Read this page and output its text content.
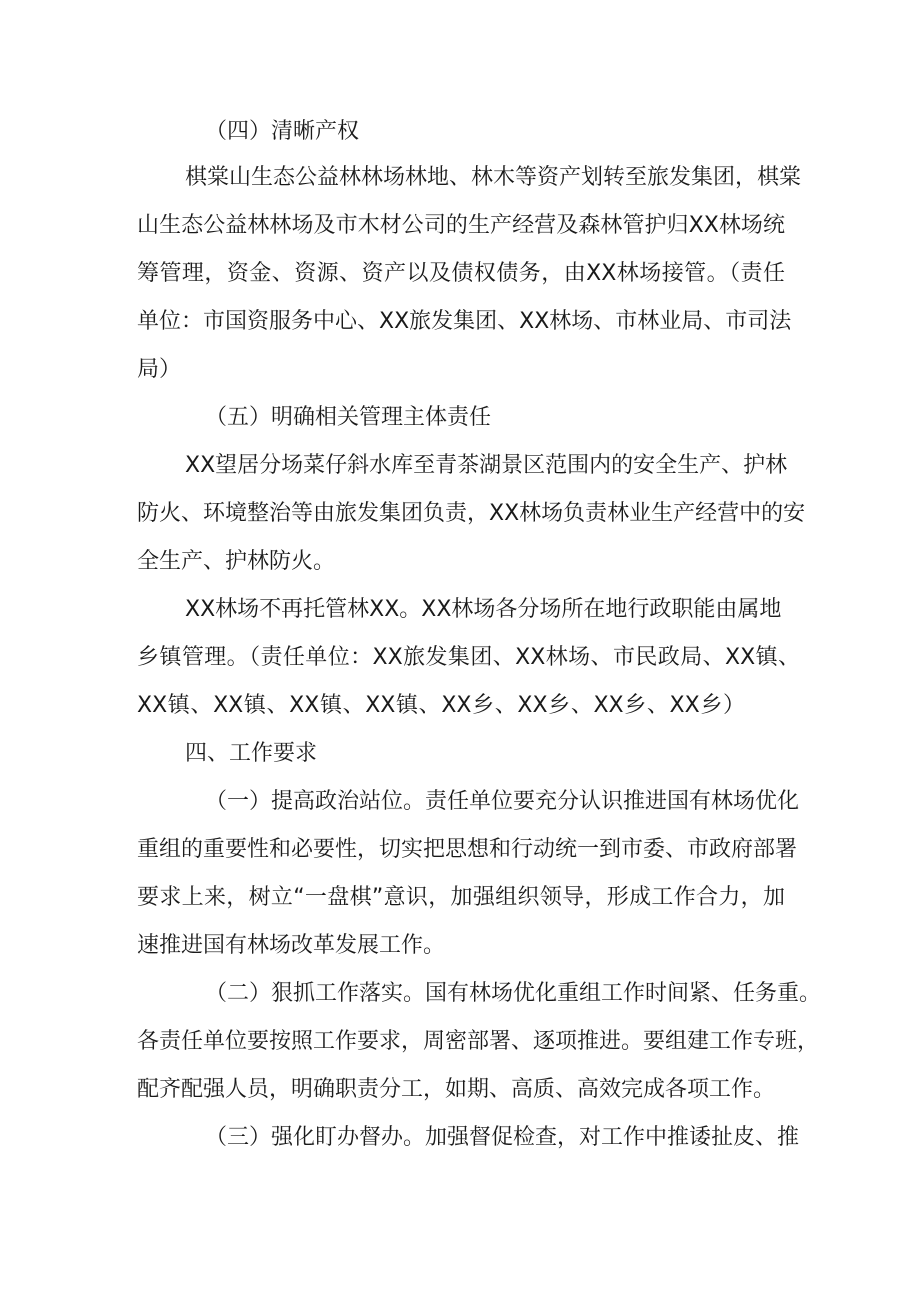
（四）清晰产权

棋棠山生态公益林林场林地、林木等资产划转至旅发集团，棋棠

山生态公益林林场及市木材公司的生产经营及森林管护归XX林场统

筹管理，资金、资源、资产以及债权债务，由XX林场接管。（责任

单位：市国资服务中心、XX旅发集团、XX林场、市林业局、市司法

局）

（五）明确相关管理主体责任

XX望居分场菜仔斜水库至青茶湖景区范围内的安全生产、护林

防火、环境整治等由旅发集团负责，XX林场负责林业生产经营中的安

全生产、护林防火。

XX林场不再托管林XX。XX林场各分场所在地行政职能由属地

乡镇管理。（责任单位：XX旅发集团、XX林场、市民政局、XX镇、

XX镇、XX镇、XX镇、XX镇、XX乡、XX乡、XX乡、XX乡）

四、工作要求

（一）提高政治站位。责任单位要充分认识推进国有林场优化

重组的重要性和必要性，切实把思想和行动统一到市委、市政府部署

要求上来，树立“一盘棋”意识，加强组织领导，形成工作合力，加

速推进国有林场改革发展工作。

（二）狠抓工作落实。国有林场优化重组工作时间紧、任务重。

各责任单位要按照工作要求，周密部署、逐项推进。要组建工作专班，

配齐配强人员，明确职责分工，如期、高质、高效完成各项工作。

（三）强化盯办督办。加强督促检查，对工作中推诿扯皮、推
